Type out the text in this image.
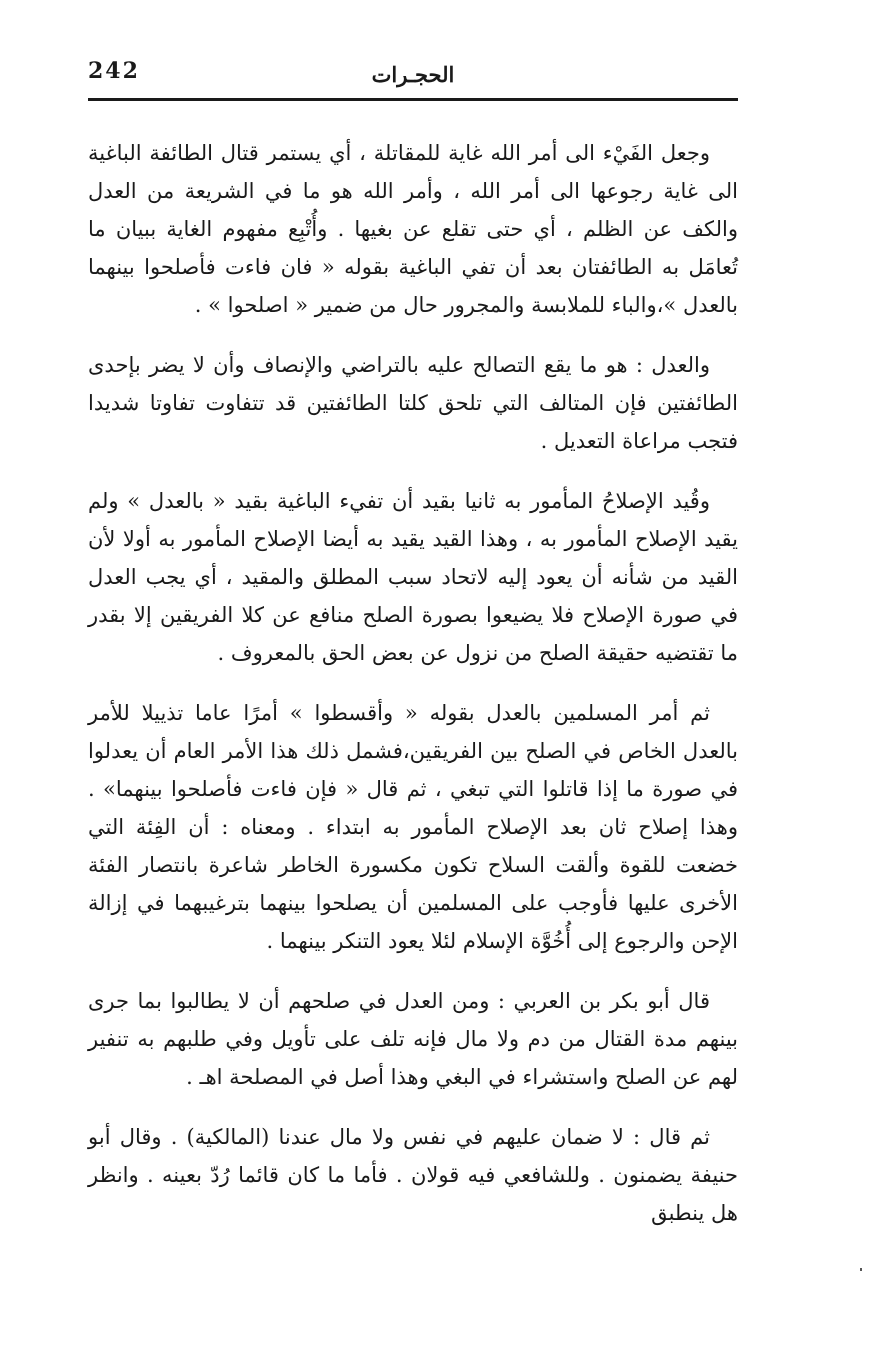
242	الحجـرات

وجعل الفَيْء الى أمر الله غاية للمقاتلة ، أي يستمر قتال الطائفة الباغية الى غاية رجوعها الى أمر الله ، وأمر الله هو ما في الشريعة من العدل والكف عن الظلم ، أي حتى تقلع عن بغيها . وأُتْبِع مفهوم الغاية ببيان ما تُعامَل به الطائفتان بعد أن تفي الباغية بقوله « فان فاءت فأصلحوا بينهما بالعدل »،والباء للملابسة والمجرور حال من ضمير « اصلحوا » .

والعدل : هو ما يقع التصالح عليه بالتراضي والإنصاف وأن لا يضر بإحدى الطائفتين فإن المتالف التي تلحق كلتا الطائفتين قد تتفاوت تفاوتا شديدا فتجب مراعاة التعديل .

وقُيد الإصلاحُ المأمور به ثانيا بقيد أن تفيء الباغية بقيد « بالعدل » ولم يقيد الإصلاح المأمور به ، وهذا القيد يقيد به أيضا الإصلاح المأمور به أولا لأن القيد من شأنه أن يعود إليه لاتحاد سبب المطلق والمقيد ، أي يجب العدل في صورة الإصلاح فلا يضيعوا بصورة الصلح منافع عن كلا الفريقين إلا بقدر ما تقتضيه حقيقة الصلح من نزول عن بعض الحق بالمعروف .

ثم أمر المسلمين بالعدل بقوله « وأقسطوا » أمرًا عاما تذييلا للأمر بالعدل الخاص في الصلح بين الفريقين،فشمل ذلك هذا الأمر العام أن يعدلوا في صورة ما إذا قاتلوا التي تبغي ، ثم قال « فإن فاءت فأصلحوا بينهما» . وهذا إصلاح ثان بعد الإصلاح المأمور به ابتداء . ومعناه : أن الفِئة التي خضعت للقوة وألقت السلاح تكون مكسورة الخاطر شاعرة بانتصار الفئة الأخرى عليها فأوجب على المسلمين أن يصلحوا بينهما بترغيبهما في إزالة الإحن والرجوع إلى أُخُوَّة الإسلام لئلا يعود التنكر بينهما .

قال أبو بكر بن العربي : ومن العدل في صلحهم أن لا يطالبوا بما جرى بينهم مدة القتال من دم ولا مال فإنه تلف على تأويل وفي طلبهم به تنفير لهم عن الصلح واستشراء في البغي وهذا أصل في المصلحة اهـ .

ثم قال : لا ضمان عليهم في نفس ولا مال عندنا (المالكية) . وقال أبو حنيفة يضمنون . وللشافعي فيه قولان . فأما ما كان قائما رُدّ بعينه . وانظر هل ينطبق
